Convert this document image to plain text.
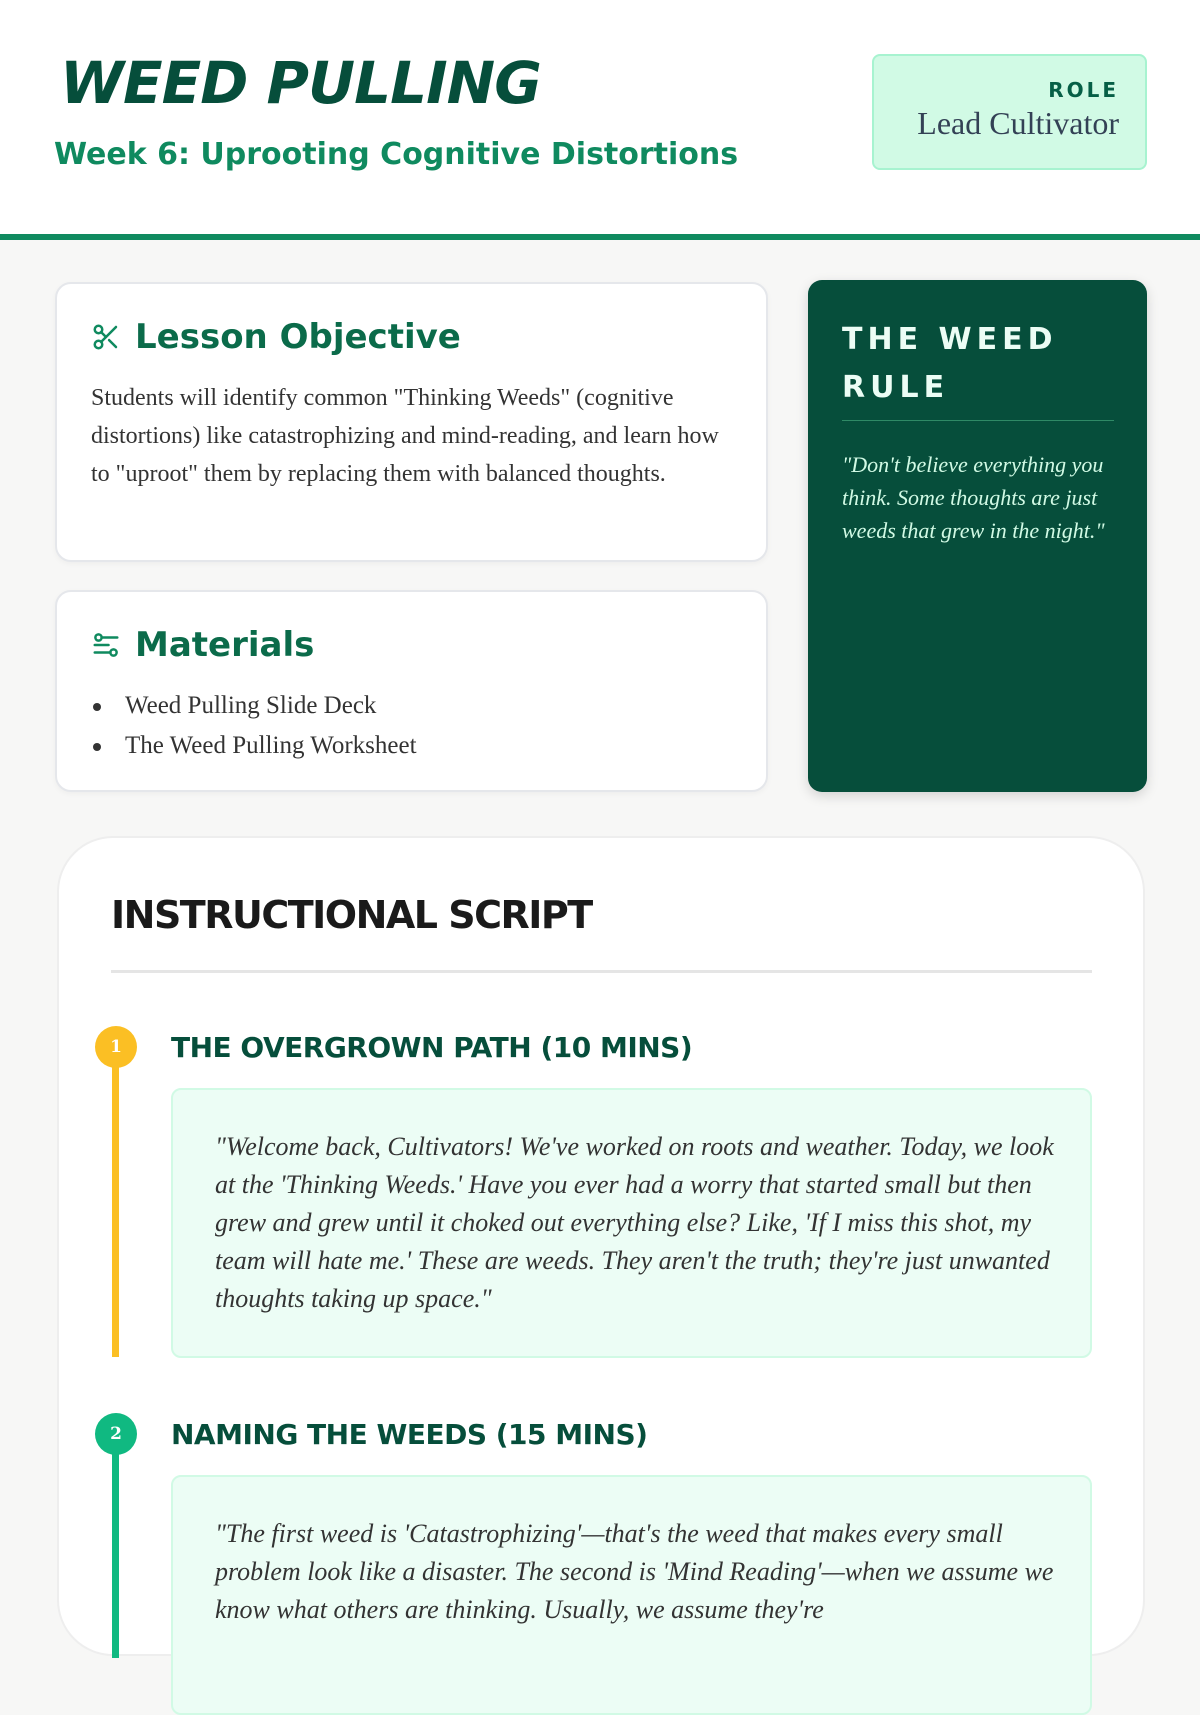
WEED PULLING
Week 6: Uprooting Cognitive Distortions
ROLE
Lead Cultivator
Lesson Objective

Students will identify common "Thinking Weeds" (cognitive distortions) like catastrophizing and mind-reading, and learn how to "uproot" them by replacing them with balanced thoughts.

Materials
Weed Pulling Slide Deck
The Weed Pulling Worksheet
THE WEED RULE

"Don't believe everything you think. Some thoughts are just weeds that grew in the night."

INSTRUCTIONAL SCRIPT
1	THE OVERGROWN PATH (10 MINS)

"Welcome back, Cultivators! We've worked on roots and weather. Today, we look at the 'Thinking Weeds.' Have you ever had a worry that started small but then grew and grew until it choked out everything else? Like, 'If I miss this shot, my team will hate me.' These are weeds. They aren't the truth; they're just unwanted thoughts taking up space."

2	NAMING THE WEEDS (15 MINS)

"The first weed is 'Catastrophizing'—that's the weed that makes every small problem look like a disaster. The second is 'Mind Reading'—when we assume we know what others are thinking. Usually, we assume they're
